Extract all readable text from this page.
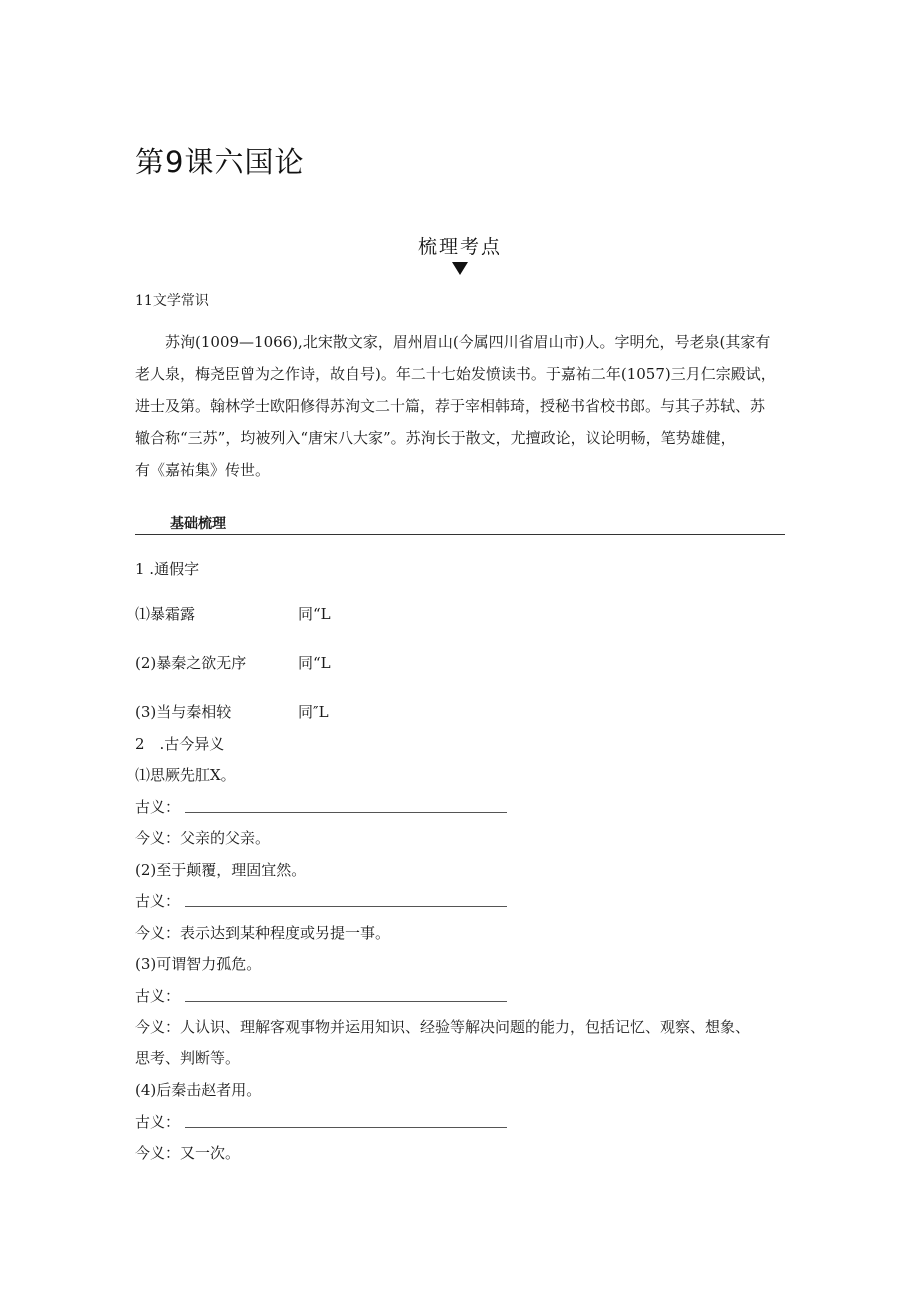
第9课六国论
梳理考点
11文学常识
苏洵(1009—1066),北宋散文家，眉州眉山(今属四川省眉山市)人。字明允，号老泉(其家有
老人泉，梅尧臣曾为之作诗，故自号)。年二十七始发愤读书。于嘉祐二年(1057)三月仁宗殿试，
进士及第。翰林学士欧阳修得苏洵文二十篇，荐于宰相韩琦，授秘书省校书郎。与其子苏轼、苏
辙合称“三苏”，均被列入“唐宋八大家”。苏洵长于散文，尤擅政论，议论明畅，笔势雄健，
有《嘉祐集》传世。
基础梳理
1 .通假字
⑴暴霜露	同“L
(2)暴秦之欲无序	同“L
(3)当与秦相较	同″L
2 .古今异义
⑴思厥先肛X。
古义：
今义：父亲的父亲。
(2)至于颠覆，理固宜然。
古义：
今义：表示达到某种程度或另提一事。
(3)可谓智力孤危。
古义：
今义：人认识、理解客观事物并运用知识、经验等解决问题的能力，包括记忆、观察、想象、
思考、判断等。
(4)后秦击赵者用。
古义：
今义：又一次。
